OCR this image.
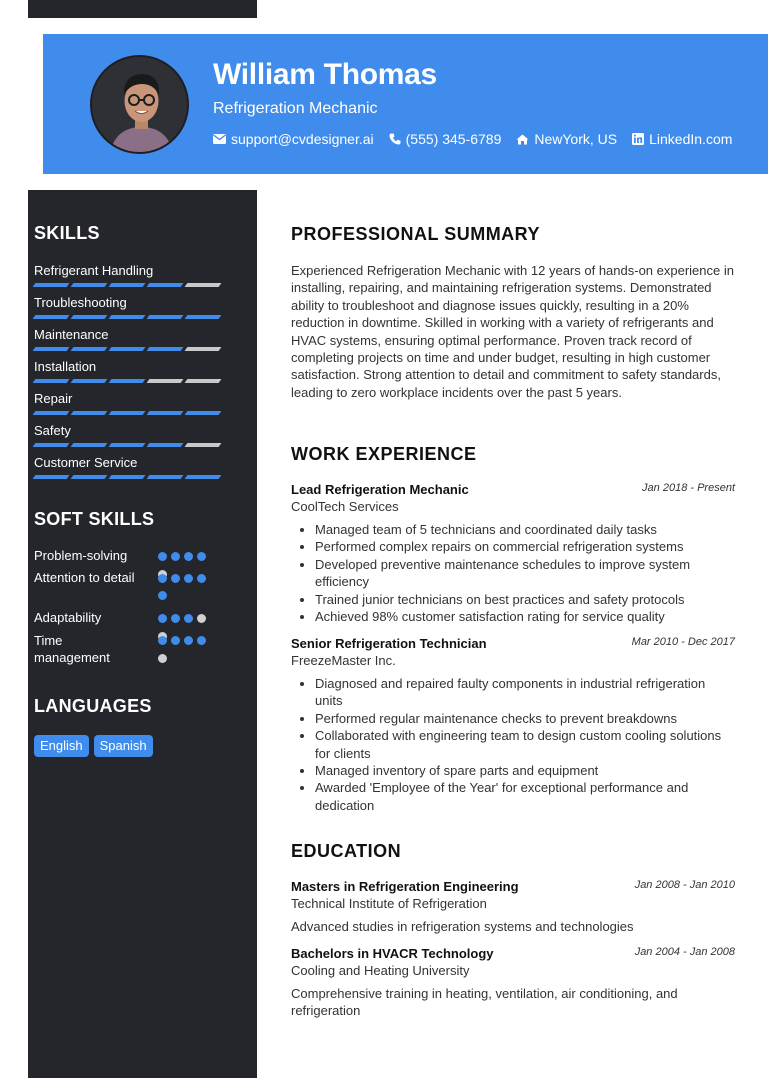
William Thomas
Refrigeration Mechanic
support@cvdesigner.ai (555) 345-6789 NewYork, US LinkedIn.com
SKILLS
Refrigerant Handling
Troubleshooting
Maintenance
Installation
Repair
Safety
Customer Service
SOFT SKILLS
Problem-solving
Attention to detail
Adaptability
Time management
LANGUAGES
English	Spanish
PROFESSIONAL SUMMARY
Experienced Refrigeration Mechanic with 12 years of hands-on experience in installing, repairing, and maintaining refrigeration systems. Demonstrated ability to troubleshoot and diagnose issues quickly, resulting in a 20% reduction in downtime. Skilled in working with a variety of refrigerants and HVAC systems, ensuring optimal performance. Proven track record of completing projects on time and under budget, resulting in high customer satisfaction. Strong attention to detail and commitment to safety standards, leading to zero workplace incidents over the past 5 years.
WORK EXPERIENCE
Lead Refrigeration Mechanic
CoolTech Services
Jan 2018 - Present
• Managed team of 5 technicians and coordinated daily tasks
• Performed complex repairs on commercial refrigeration systems
• Developed preventive maintenance schedules to improve system efficiency
• Trained junior technicians on best practices and safety protocols
• Achieved 98% customer satisfaction rating for service quality
Senior Refrigeration Technician
FreezeMaster Inc.
Mar 2010 - Dec 2017
• Diagnosed and repaired faulty components in industrial refrigeration units
• Performed regular maintenance checks to prevent breakdowns
• Collaborated with engineering team to design custom cooling solutions for clients
• Managed inventory of spare parts and equipment
• Awarded 'Employee of the Year' for exceptional performance and dedication
EDUCATION
Masters in Refrigeration Engineering
Technical Institute of Refrigeration
Jan 2008 - Jan 2010
Advanced studies in refrigeration systems and technologies
Bachelors in HVACR Technology
Cooling and Heating University
Jan 2004 - Jan 2008
Comprehensive training in heating, ventilation, air conditioning, and refrigeration
